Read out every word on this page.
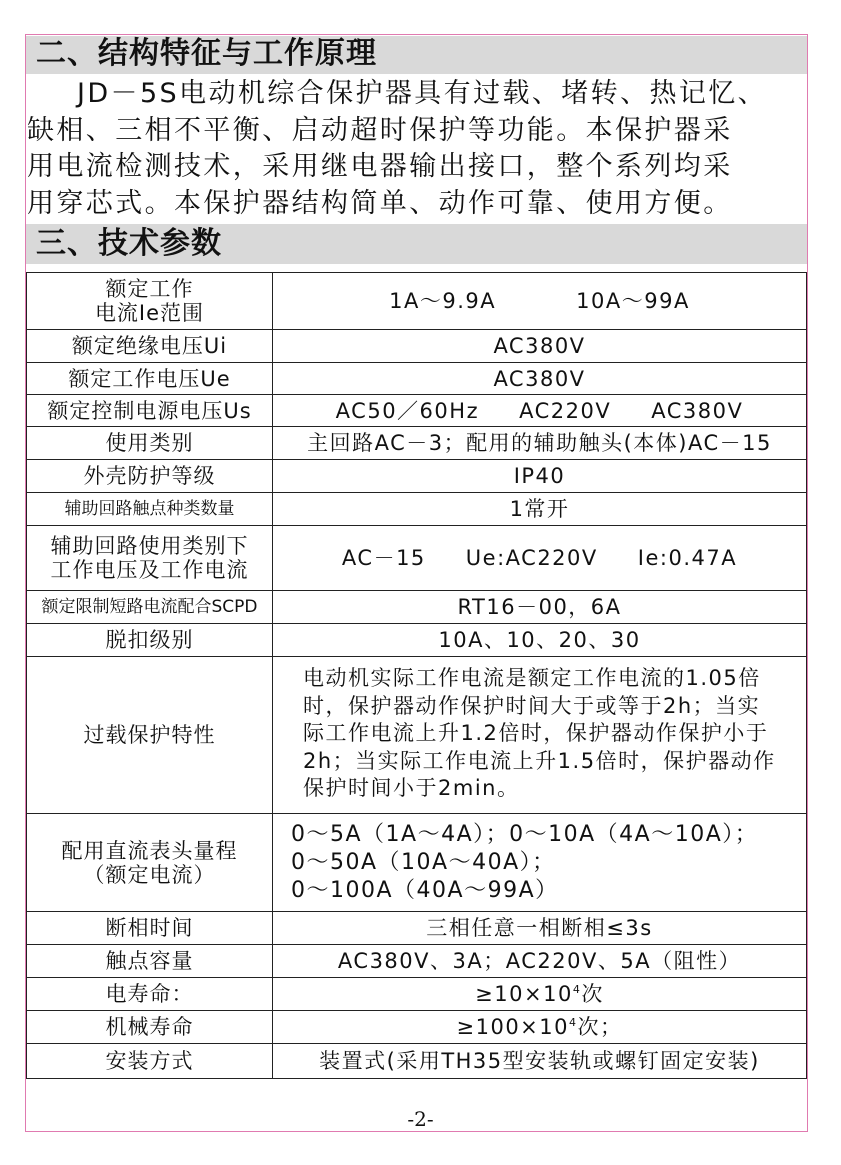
二、结构特征与工作原理

JD－5S电动机综合保护器具有过载、堵转、热记忆、

缺相、三相不平衡、启动超时保护等功能。本保护器采

用电流检测技术，采用继电器输出接口，整个系列均采

用穿芯式。本保护器结构简单、动作可靠、使用方便。

三、技术参数
额定工作
电流Ie范围	1A～9.9A 10A～99A
额定绝缘电压Ui	AC380V
额定工作电压Ue	AC380V
额定控制电源电压Us	AC50／60Hz AC220V AC380V
使用类别	主回路AC－3；配用的辅助触头(本体)AC－15
外壳防护等级	IP40
辅助回路触点种类数量	1常开

辅助回路使用类别下
工作电压及工作电流	AC－15 Ue:AC220V Ie:0.47A
额定限制短路电流配合SCPD	RT16－00，6A
脱扣级别	10A、10、20、30
过载保护特性	电动机实际工作电流是额定工作电流的1.05倍
时，保护器动作保护时间大于或等于2h；当实
际工作电流上升1.2倍时，保护器动作保护小于
2h；当实际工作电流上升1.5倍时，保护器动作
保护时间小于2min。

配用直流表头量程
（额定电流）	0～5A（1A～4A）；0～10A（4A～10A）；
0～50A（10A～40A）；
0～100A（40A～99A）

断相时间	三相任意一相断相≤3s
触点容量	AC380V、3A；AC220V、5A（阻性）
电寿命：	$\ge 10\times 10^4$次
机械寿命	$\ge 100\times 10^4$次；
安装方式	装置式(采用TH35型安装轨或螺钉固定安装)
-2-
